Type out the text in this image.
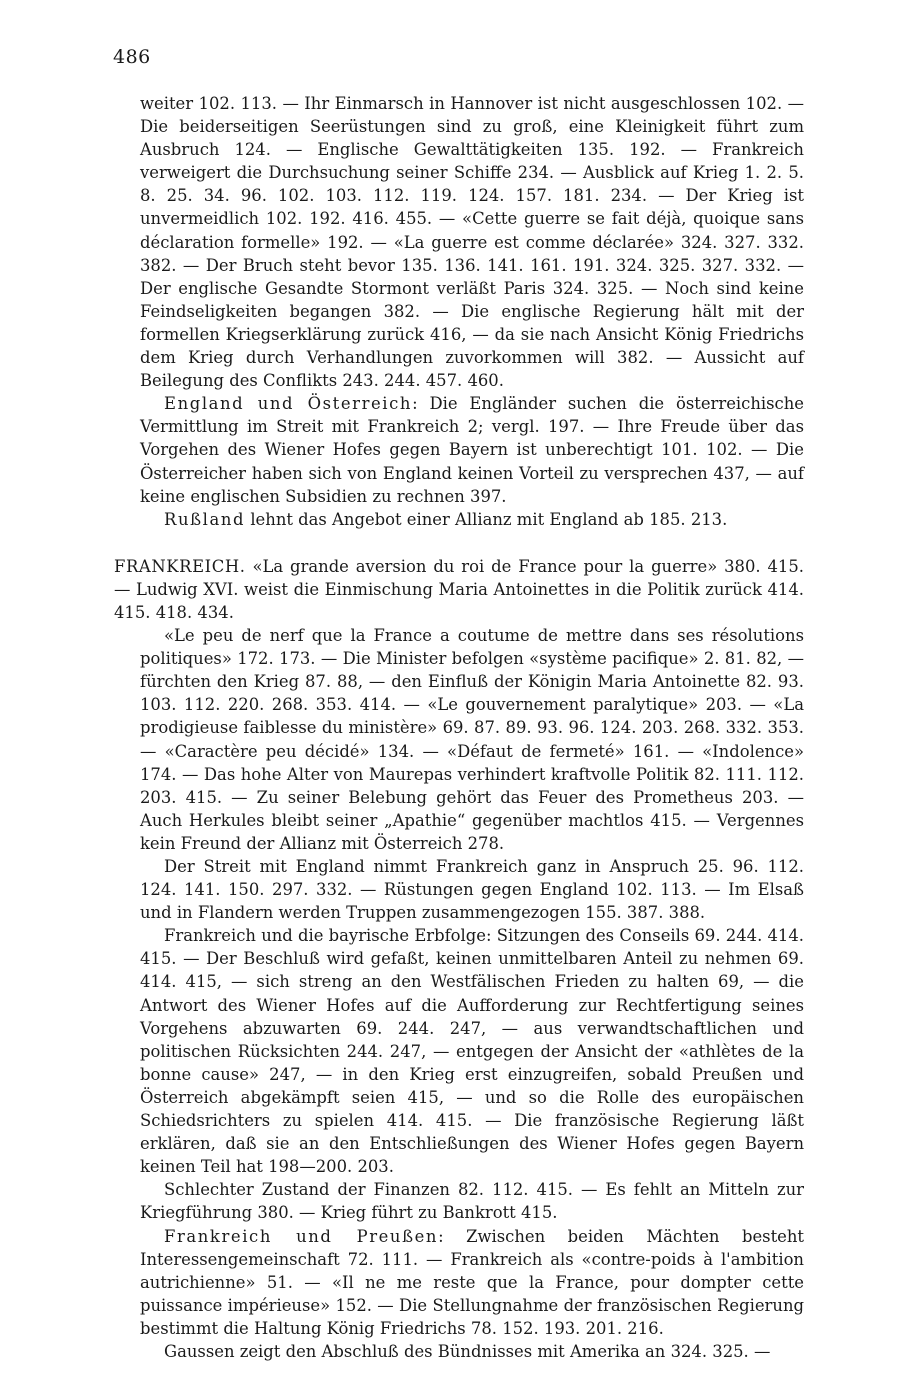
486

weiter 102. 113. — Ihr Einmarsch in Hannover ist nicht ausgeschlossen 102. — Die beiderseitigen Seerüstungen sind zu groß, eine Kleinigkeit führt zum Ausbruch 124. — Englische Gewalttätigkeiten 135. 192. — Frankreich verweigert die Durchsuchung seiner Schiffe 234. — Ausblick auf Krieg 1. 2. 5. 8. 25. 34. 96. 102. 103. 112. 119. 124. 157. 181. 234. — Der Krieg ist unvermeidlich 102. 192. 416. 455. — «Cette guerre se fait déjà, quoique sans déclaration formelle» 192. — «La guerre est comme déclarée» 324. 327. 332. 382. — Der Bruch steht bevor 135. 136. 141. 161. 191. 324. 325. 327. 332. — Der englische Gesandte Stormont verläßt Paris 324. 325. — Noch sind keine Feindseligkeiten begangen 382. — Die englische Regierung hält mit der formellen Kriegserklärung zurück 416, — da sie nach Ansicht König Friedrichs dem Krieg durch Verhandlungen zuvorkommen will 382. — Aussicht auf Beilegung des Conflikts 243. 244. 457. 460.

England und Österreich: Die Engländer suchen die österreichische Vermittlung im Streit mit Frankreich 2; vergl. 197. — Ihre Freude über das Vorgehen des Wiener Hofes gegen Bayern ist unberechtigt 101. 102. — Die Österreicher haben sich von England keinen Vorteil zu versprechen 437, — auf keine englischen Subsidien zu rechnen 397.

Rußland lehnt das Angebot einer Allianz mit England ab 185. 213.

FRANKREICH. «La grande aversion du roi de France pour la guerre» 380. 415. — Ludwig XVI. weist die Einmischung Maria Antoinettes in die Politik zurück 414. 415. 418. 434.

«Le peu de nerf que la France a coutume de mettre dans ses résolutions politiques» 172. 173. — Die Minister befolgen «système pacifique» 2. 81. 82, — fürchten den Krieg 87. 88, — den Einfluß der Königin Maria Antoinette 82. 93. 103. 112. 220. 268. 353. 414. — «Le gouvernement paralytique» 203. — «La prodigieuse faiblesse du ministère» 69. 87. 89. 93. 96. 124. 203. 268. 332. 353. — «Caractère peu décidé» 134. — «Défaut de fermeté» 161. — «Indolence» 174. — Das hohe Alter von Maurepas verhindert kraftvolle Politik 82. 111. 112. 203. 415. — Zu seiner Belebung gehört das Feuer des Prometheus 203. — Auch Herkules bleibt seiner „Apathie“ gegenüber machtlos 415. — Vergennes kein Freund der Allianz mit Österreich 278.

Der Streit mit England nimmt Frankreich ganz in Anspruch 25. 96. 112. 124. 141. 150. 297. 332. — Rüstungen gegen England 102. 113. — Im Elsaß und in Flandern werden Truppen zusammengezogen 155. 387. 388.

Frankreich und die bayrische Erbfolge: Sitzungen des Conseils 69. 244. 414. 415. — Der Beschluß wird gefaßt, keinen unmittelbaren Anteil zu nehmen 69. 414. 415, — sich streng an den Westfälischen Frieden zu halten 69, — die Antwort des Wiener Hofes auf die Aufforderung zur Rechtfertigung seines Vorgehens abzuwarten 69. 244. 247, — aus verwandtschaftlichen und politischen Rücksichten 244. 247, — entgegen der Ansicht der «athlètes de la bonne cause» 247, — in den Krieg erst einzugreifen, sobald Preußen und Österreich abgekämpft seien 415, — und so die Rolle des europäischen Schiedsrichters zu spielen 414. 415. — Die französische Regierung läßt erklären, daß sie an den Entschließungen des Wiener Hofes gegen Bayern keinen Teil hat 198—200. 203.

Schlechter Zustand der Finanzen 82. 112. 415. — Es fehlt an Mitteln zur Kriegführung 380. — Krieg führt zu Bankrott 415.

Frankreich und Preußen: Zwischen beiden Mächten besteht Interessengemeinschaft 72. 111. — Frankreich als «contre-poids à l'ambition autrichienne» 51. — «Il ne me reste que la France, pour dompter cette puissance impérieuse» 152. — Die Stellungnahme der französischen Regierung bestimmt die Haltung König Friedrichs 78. 152. 193. 201. 216.

Gaussen zeigt den Abschluß des Bündnisses mit Amerika an 324. 325. —
